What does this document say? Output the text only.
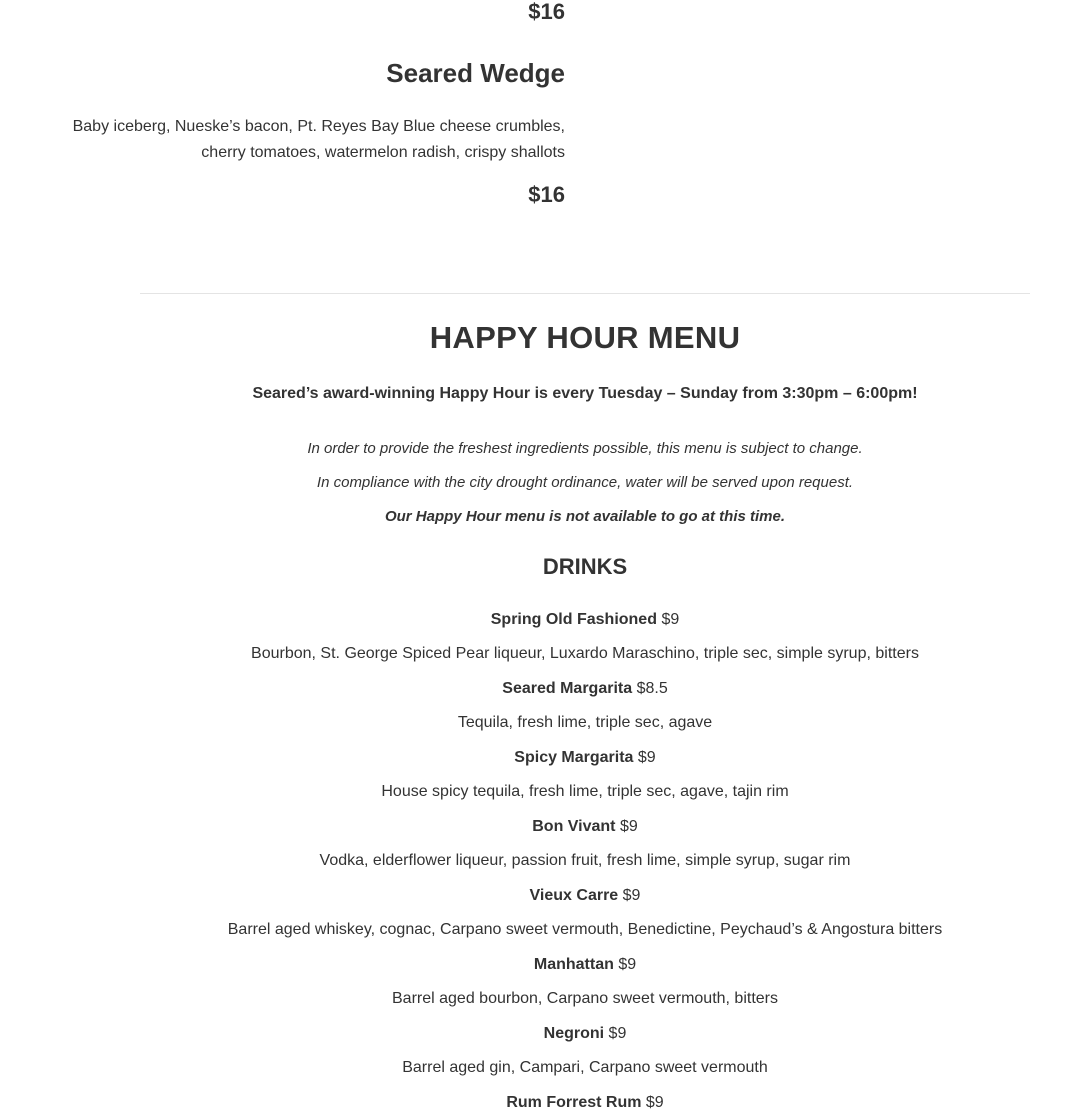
$16
Seared Wedge
Baby iceberg, Nueske’s bacon, Pt. Reyes Bay Blue cheese crumbles, cherry tomatoes, watermelon radish, crispy shallots
$16
HAPPY HOUR MENU
Seared’s award-winning Happy Hour is every Tuesday – Sunday from 3:30pm – 6:00pm!
In order to provide the freshest ingredients possible, this menu is subject to change.
In compliance with the city drought ordinance, water will be served upon request.
Our Happy Hour menu is not available to go at this time.
DRINKS
Spring Old Fashioned $9
Bourbon, St. George Spiced Pear liqueur, Luxardo Maraschino, triple sec, simple syrup, bitters
Seared Margarita $8.5
Tequila, fresh lime, triple sec, agave
Spicy Margarita $9
House spicy tequila, fresh lime, triple sec, agave, tajin rim
Bon Vivant $9
Vodka, elderflower liqueur, passion fruit, fresh lime, simple syrup, sugar rim
Vieux Carre $9
Barrel aged whiskey, cognac, Carpano sweet vermouth, Benedictine, Peychaud’s & Angostura bitters
Manhattan $9
Barrel aged bourbon, Carpano sweet vermouth, bitters
Negroni $9
Barrel aged gin, Campari, Carpano sweet vermouth
Rum Forrest Rum $9
